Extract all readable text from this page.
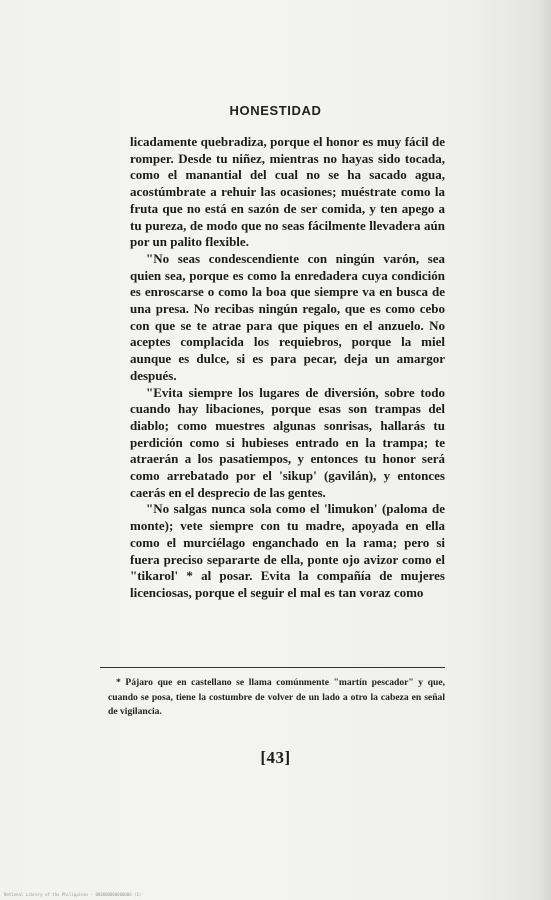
HONESTIDAD

licadamente quebradiza, porque el honor es muy fácil de romper. Desde tu niñez, mientras no hayas sido tocada, como el manantial del cual no se ha sacado agua, acostúmbrate a rehuir las ocasiones; muéstrate como la fruta que no está en sazón de ser comida, y ten apego a tu pureza, de modo que no seas fácilmente llevadera aún por un palito flexible.

"No seas condescendiente con ningún varón, sea quien sea, porque es como la enredadera cuya condición es enroscarse o como la boa que siempre va en busca de una presa. No recibas ningún regalo, que es como cebo con que se te atrae para que piques en el anzuelo. No aceptes complacida los requiebros, porque la miel aunque es dulce, si es para pecar, deja un amargor después.

"Evita siempre los lugares de diversión, sobre todo cuando hay libaciones, porque esas son trampas del diablo; como muestres algunas sonrisas, hallarás tu perdición como si hubieses entrado en la trampa; te atraerán a los pasatiempos, y entonces tu honor será como arrebatado por el 'sikup' (gavilán), y entonces caerás en el desprecio de las gentes.

"No salgas nunca sola como el 'limukon' (paloma de monte); vete siempre con tu madre, apoyada en ella como el murciélago enganchado en la rama; pero si fuera preciso separarte de ella, ponte ojo avizor como el "tikarol' * al posar. Evita la compañía de mujeres licenciosas, porque el seguir el mal es tan voraz como

* Pájaro que en castellano se llama comúnmente "martín pescador" y que, cuando se posa, tiene la costumbre de volver de un lado a otro la cabeza en señal de vigilancia.

[43]
National Library of the Philippines · 000000000000000 (1)
